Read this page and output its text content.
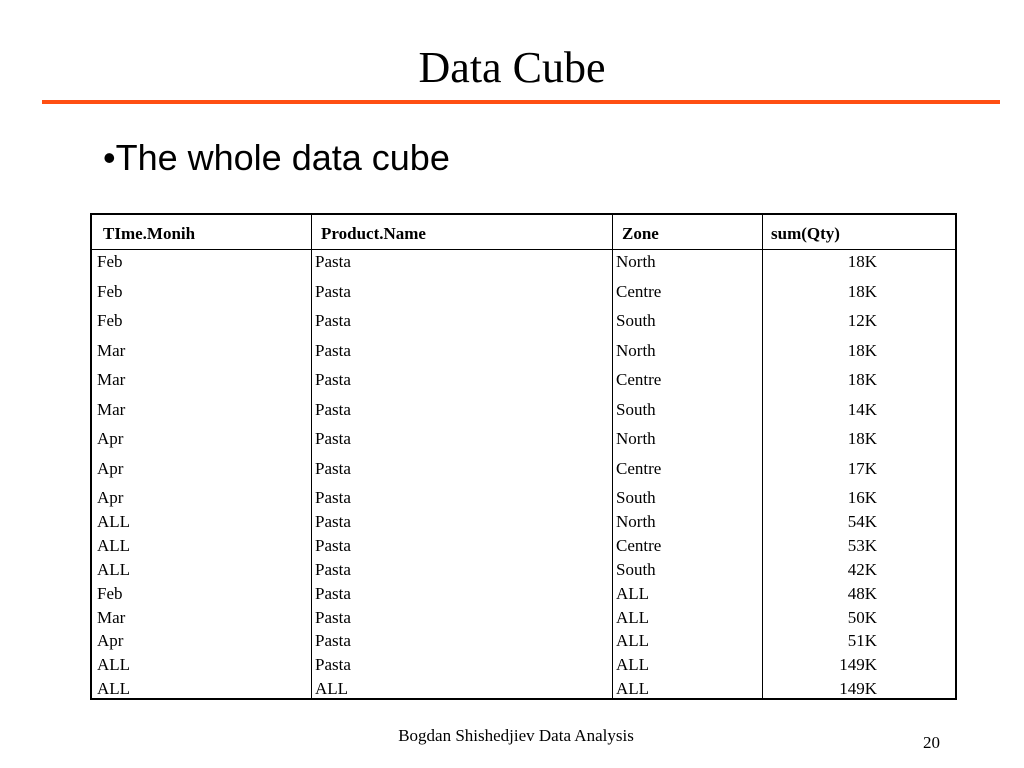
Data Cube
•The whole data cube
TIme.Monih	Product.Name	Zone	sum(Qty)
Feb	Pasta	North	18K
Feb	Pasta	Centre	18K
Feb	Pasta	South	12K
Mar	Pasta	North	18K
Mar	Pasta	Centre	18K
Mar	Pasta	South	14K
Apr	Pasta	North	18K
Apr	Pasta	Centre	17K
Apr	Pasta	South	16K
ALL	Pasta	North	54K
ALL	Pasta	Centre	53K
ALL	Pasta	South	42K
Feb	Pasta	ALL	48K
Mar	Pasta	ALL	50K
Apr	Pasta	ALL	51K
ALL	Pasta	ALL	149K
ALL	ALL	ALL	149K
Bogdan Shishedjiev Data Analysis	20
